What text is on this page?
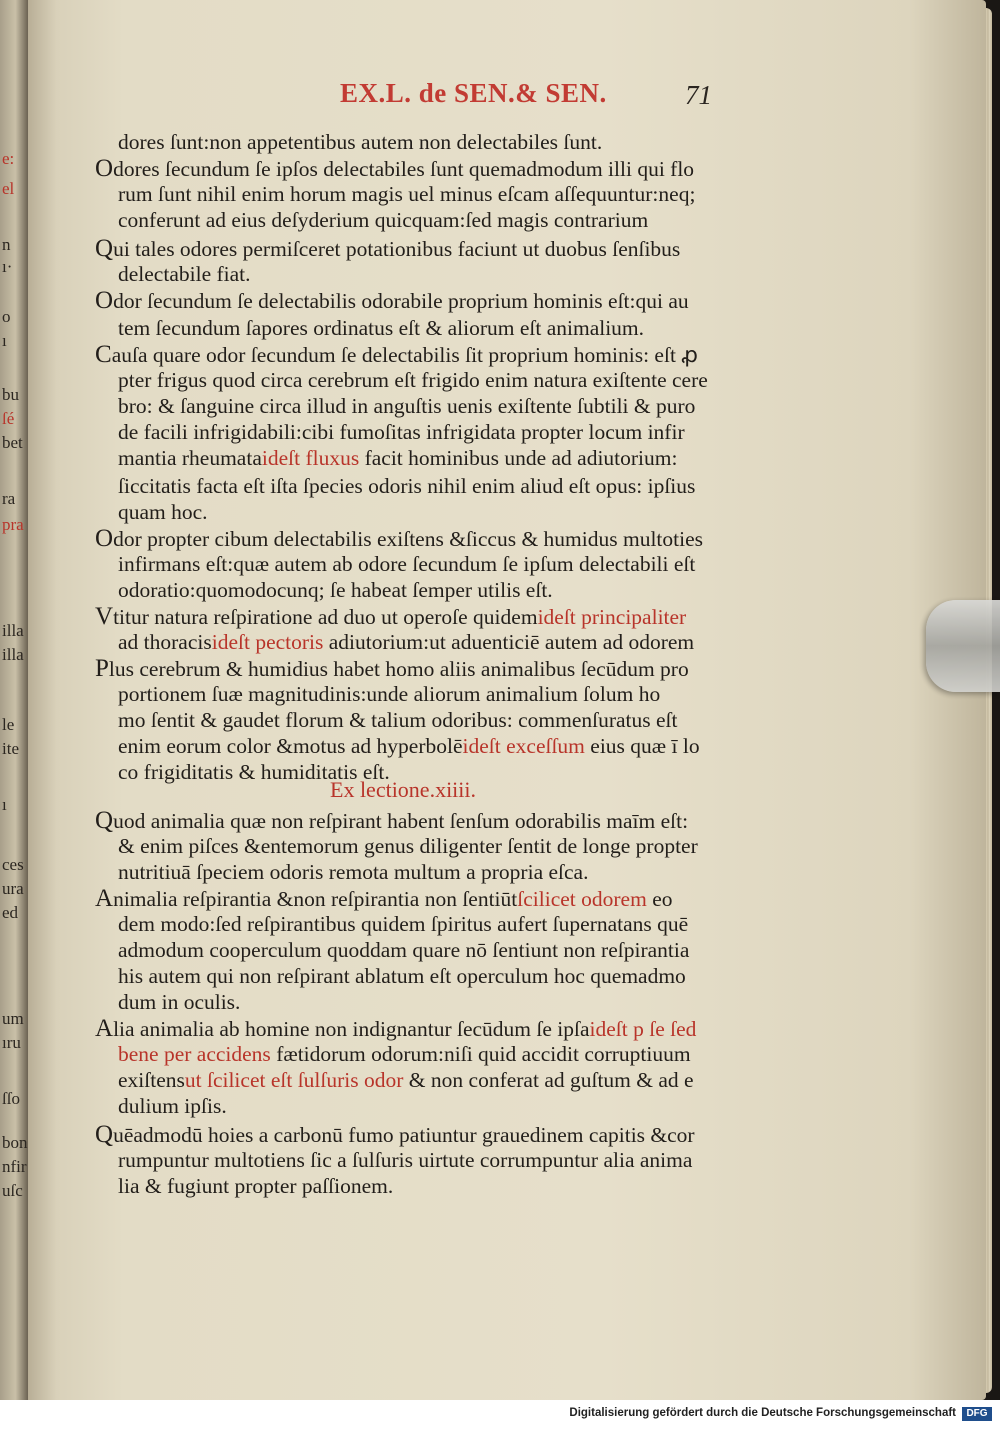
e:
el
n
ı·
o
ı
bu
ſé
bet
ra
pra
illa
illa
le
ite
ı
ces
ura
ed
um
ıru
ſſo
bon
nfir
uſc
EX.L. de SEN.& SEN.	71
dores ſunt:non appetentibus autem non delectabiles ſunt.
Odores ſecundum ſe ipſos delectabiles ſunt quemadmodum illi qui flo
rum ſunt nihil enim horum magis uel minus eſcam aſſequuntur:neq;
conferunt ad eius deſyderium quicquam:ſed magis contrarium
Qui tales odores permiſceret potationibus faciunt ut duobus ſenſibus
delectabile fiat.
Odor ſecundum ſe delectabilis odorabile proprium hominis eſt:qui au
tem ſecundum ſapores ordinatus eſt & aliorum eſt animalium.
Cauſa quare odor ſecundum ſe delectabilis ſit proprium hominis: eſt ꝓ
pter frigus quod circa cerebrum eſt frigido enim natura exiſtente cere
bro: & ſanguine circa illud in anguſtis uenis exiſtente ſubtili & puro
de facili infrigidabili:cibi fumoſitas infrigidata propter locum infir
mantia rheumataideſt fluxus facit hominibus unde ad adiutorium:
ſiccitatis facta eſt iſta ſpecies odoris nihil enim aliud eſt opus: ipſius
quam hoc.
Odor propter cibum delectabilis exiſtens &ſiccus & humidus multoties
infirmans eſt:quæ autem ab odore ſecundum ſe ipſum delectabili eſt
odoratio:quomodocunq; ſe habeat ſemper utilis eſt.
Vtitur natura reſpiratione ad duo ut operoſe quidemideſt principaliter
ad thoracisideſt pectoris adiutorium:ut aduenticiē autem ad odorem
Plus cerebrum & humidius habet homo aliis animalibus ſecūdum pro
portionem ſuæ magnitudinis:unde aliorum animalium ſolum ho
mo ſentit & gaudet florum & talium odoribus: commenſuratus eſt
enim eorum color &motus ad hyperbolēideſt exceſſum eius quæ ī lo
co frigiditatis & humiditatis eſt.
Quod animalia quæ non reſpirant habent ſenſum odorabilis maīm eſt:
& enim piſces &entemorum genus diligenter ſentit de longe propter
nutritiuā ſpeciem odoris remota multum a propria eſca.
Animalia reſpirantia &non reſpirantia non ſentiūtſcilicet odorem eo
dem modo:ſed reſpirantibus quidem ſpiritus aufert ſupernatans quē
admodum cooperculum quoddam quare nō ſentiunt non reſpirantia
his autem qui non reſpirant ablatum eſt operculum hoc quemadmo
dum in oculis.
Alia animalia ab homine non indignantur ſecūdum ſe ipſaideſt p ſe ſed
bene per accidens fætidorum odorum:niſi quid accidit corruptiuum
exiſtensut ſcilicet eſt ſulſuris odor & non conferat ad guſtum & ad e
dulium ipſis.
Quēadmodū hoies a carbonū fumo patiuntur grauedinem capitis &cor
rumpuntur multotiens ſic a ſulſuris uirtute corrumpuntur alia anima
lia & fugiunt propter paſſionem.
Ex lectione.xiiii.
Digitalisierung gefördert durch die Deutsche Forschungsgemeinschaft	DFG
